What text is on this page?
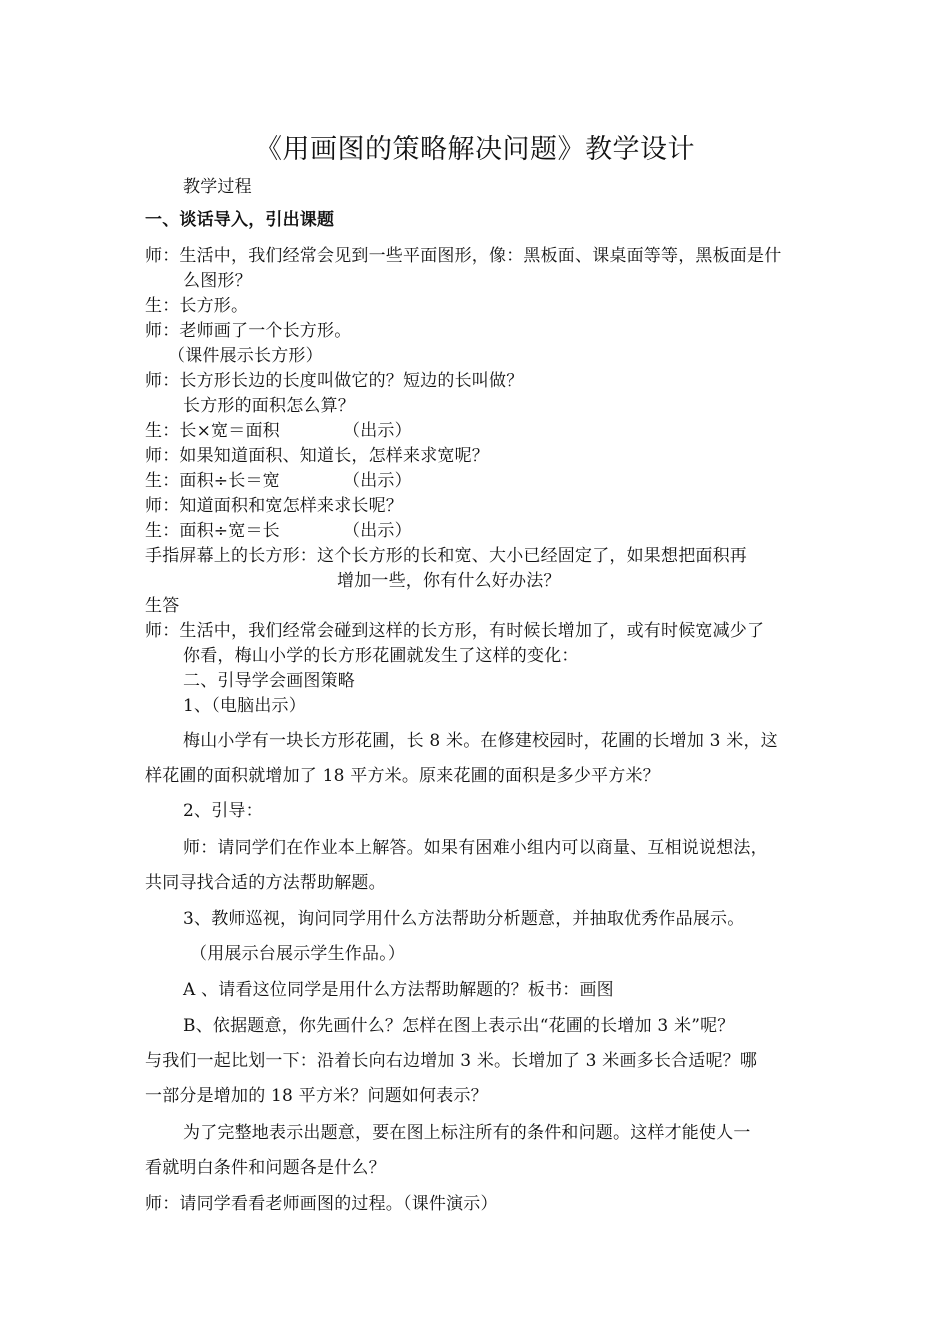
《用画图的策略解决问题》教学设计
教学过程
一、谈话导入，引出课题
师：生活中，我们经常会见到一些平面图形，像：黑板面、课桌面等等，黑板面是什
么图形？
生：长方形。
师：老师画了一个长方形。
（课件展示长方形）
师：长方形长边的长度叫做它的？短边的长叫做？
长方形的面积怎么算？
生：长×宽＝面积	（出示）
师：如果知道面积、知道长，怎样来求宽呢？
生：面积÷长＝宽	（出示）
师：知道面积和宽怎样来求长呢？
生：面积÷宽＝长	（出示）
手指屏幕上的长方形：这个长方形的长和宽、大小已经固定了，如果想把面积再
增加一些，你有什么好办法？
生答
师：生活中，我们经常会碰到这样的长方形，有时候长增加了，或有时候宽减少了
你看，梅山小学的长方形花圃就发生了这样的变化：
二、引导学会画图策略
1、（电脑出示）
梅山小学有一块长方形花圃，长 8 米。在修建校园时，花圃的长增加 3 米，这
样花圃的面积就增加了 18 平方米。原来花圃的面积是多少平方米？
2、引导：
师：请同学们在作业本上解答。如果有困难小组内可以商量、互相说说想法，
共同寻找合适的方法帮助解题。
3、教师巡视，询问同学用什么方法帮助分析题意，并抽取优秀作品展示。
（用展示台展示学生作品。）
A 、请看这位同学是用什么方法帮助解题的？板书：画图
B、依据题意，你先画什么？怎样在图上表示出“花圃的长增加 3 米”呢？
与我们一起比划一下：沿着长向右边增加 3 米。长增加了 3 米画多长合适呢？哪
一部分是增加的 18 平方米？问题如何表示？
为了完整地表示出题意，要在图上标注所有的条件和问题。这样才能使人一
看就明白条件和问题各是什么？
师：请同学看看老师画图的过程。（课件演示）
